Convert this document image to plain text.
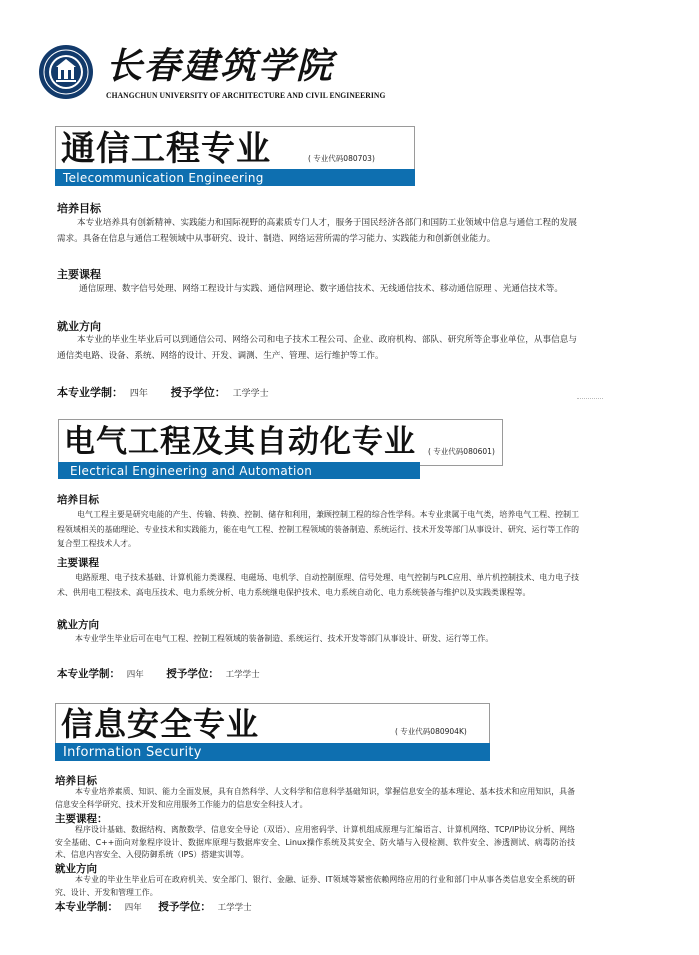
长春建筑学院
CHANGCHUN UNIVERSITY OF ARCHITECTURE AND CIVIL ENGINEERING
通信工程专业	( 专业代码080703)
Telecommunication Engineering
培养目标
本专业培养具有创新精神、实践能力和国际视野的高素质专门人才，服务于国民经济各部门和国防工业领域中信息与通信工程的发展需求。具备在信息与通信工程领域中从事研究、设计、制造、网络运营所需的学习能力、实践能力和创新创业能力。
主要课程
通信原理、数字信号处理、网络工程设计与实践、通信网理论、数字通信技术、无线通信技术、移动通信原理 、光通信技术等。
就业方向
本专业的毕业生毕业后可以到通信公司、网络公司和电子技术工程公司、企业、政府机构、部队、研究所等企事业单位，从事信息与通信类电路、设备、系统、网络的设计、开发、调测、生产、管理、运行维护等工作。
本专业学制： 四年 授予学位： 工学学士
电气工程及其自动化专业 ( 专业代码080601)
Electrical Engineering and Automation
培养目标
电气工程主要是研究电能的产生、传输、转换、控制、储存和利用，兼顾控制工程的综合性学科。本专业隶属于电气类，培养电气工程、控制工程领域相关的基础理论、专业技术和实践能力，能在电气工程、控制工程领域的装备制造、系统运行、技术开发等部门从事设计、研究、运行等工作的复合型工程技术人才。
主要课程
电路原理、电子技术基础、计算机能力类课程、电磁场、电机学、自动控制原理、信号处理、电气控制与PLC应用、单片机控制技术、电力电子技术、供用电工程技术、高电压技术、电力系统分析、电力系统继电保护技术、电力系统自动化、电力系统装备与维护以及实践类课程等。
就业方向
本专业学生毕业后可在电气工程、控制工程领域的装备制造、系统运行、技术开发等部门从事设计、研发、运行等工作。
本专业学制： 四年 授予学位： 工学学士
信息安全专业	( 专业代码080904K)
Information Security
培养目标
本专业培养素质、知识、能力全面发展，具有自然科学、人文科学和信息科学基础知识，掌握信息安全的基本理论、基本技术和应用知识，具备信息安全科学研究、技术开发和应用服务工作能力的信息安全科技人才。
主要课程：
程序设计基础、数据结构、离散数学、信息安全导论（双语）、应用密码学、计算机组成原理与汇编语言、计算机网络、TCP/IP协议分析、网络安全基础、C++面向对象程序设计、数据库原理与数据库安全、Linux操作系统及其安全、防火墙与入侵检测、软件安全、渗透测试、病毒防治技术、信息内容安全、入侵防御系统（IPS）搭建实训等。
就业方向
本专业的毕业生毕业后可在政府机关、安全部门、银行、金融、证券、IT领域等紧密依赖网络应用的行业和部门中从事各类信息安全系统的研究、设计、开发和管理工作。
本专业学制： 四年 授予学位： 工学学士
